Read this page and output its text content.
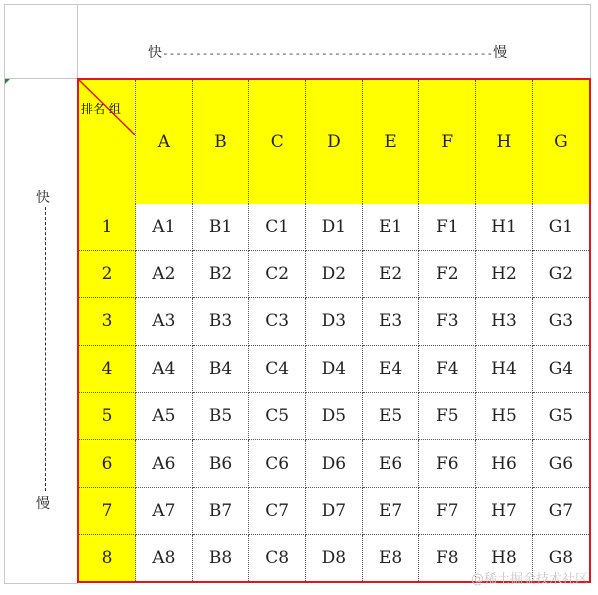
快--------------------------------------------------慢
快
慢
排名 组	A	B	C	D	E	F	H	G
1	A1	B1	C1	D1	E1	F1	H1	G1
2	A2	B2	C2	D2	E2	F2	H2	G2
3	A3	B3	C3	D3	E3	F3	H3	G3
4	A4	B4	C4	D4	E4	F4	H4	G4
5	A5	B5	C5	D5	E5	F5	H5	G5
6	A6	B6	C6	D6	E6	F6	H6	G6
7	A7	B7	C7	D7	E7	F7	H7	G7
8	A8	B8	C8	D8	E8	F8	H8	G8
@稀土掘金技术社区
